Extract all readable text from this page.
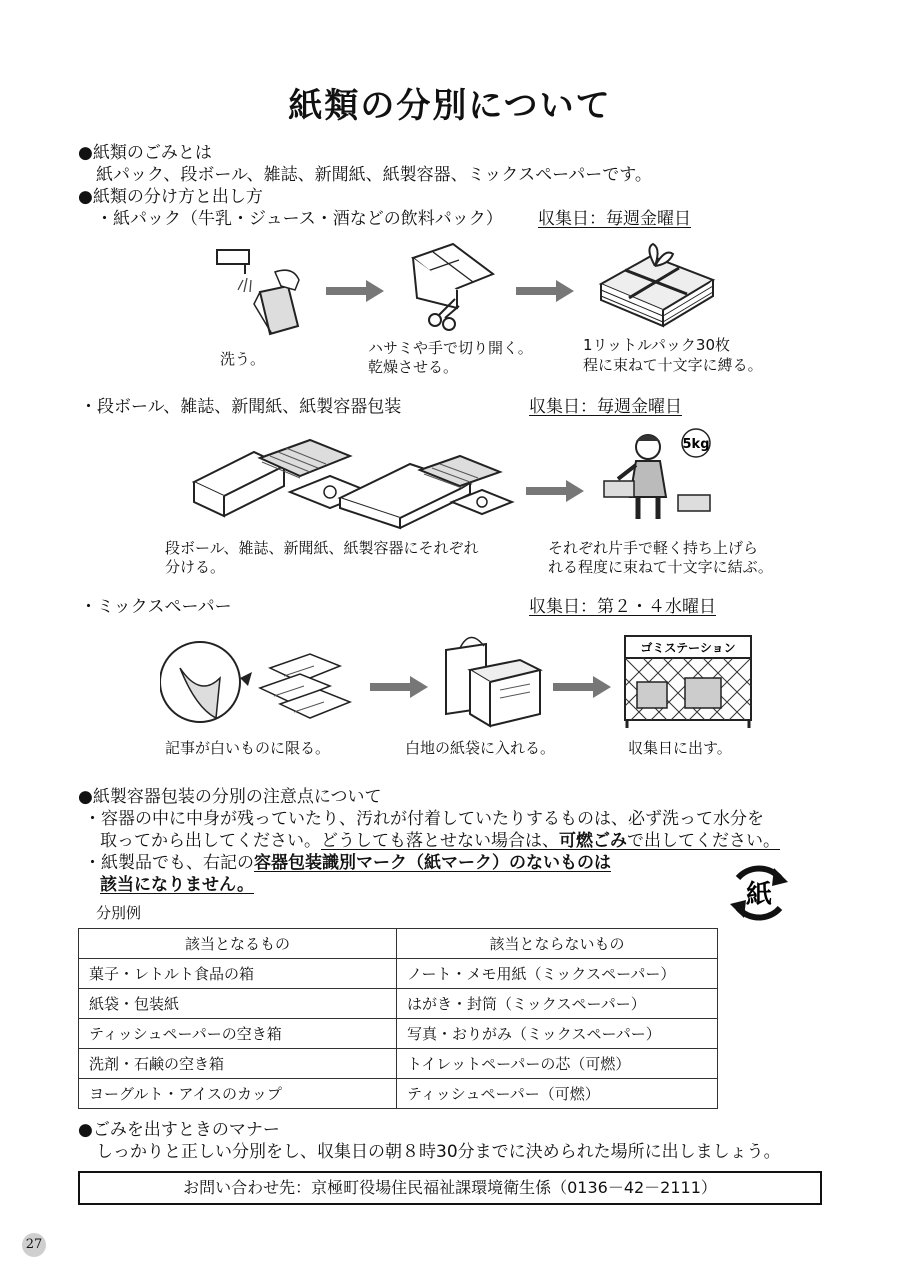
紙類の分別について
●紙類のごみとは
紙パック、段ボール、雑誌、新聞紙、紙製容器、ミックスペーパーです。
●紙類の分け方と出し方
・紙パック（牛乳・ジュース・酒などの飲料パック） 収集日：毎週金曜日
洗う。
ハサミや手で切り開く。
乾燥させる。
1リットルパック30枚
程に束ねて十文字に縛る。
・段ボール、雑誌、新聞紙、紙製容器包装	収集日：毎週金曜日
段ボール、雑誌、新聞紙、紙製容器にそれぞれ
分ける。
5kg
それぞれ片手で軽く持ち上げら
れる程度に束ねて十文字に結ぶ。
・ミックスペーパー	収集日：第２・４水曜日
記事が白いものに限る。	白地の紙袋に入れる。
ゴミステーション
収集日に出す。
●紙製容器包装の分別の注意点について
・容器の中に中身が残っていたり、汚れが付着していたりするものは、必ず洗って水分を
取ってから出してください。どうしても落とせない場合は、可燃ごみで出してください。
・紙製品でも、右記の容器包装識別マーク（紙マーク）のないものは
該当になりません。	紙
分別例
該当となるもの	該当とならないもの
菓子・レトルト食品の箱	ノート・メモ用紙（ミックスペーパー）
紙袋・包装紙	はがき・封筒（ミックスペーパー）
ティッシュペーパーの空き箱	写真・おりがみ（ミックスペーパー）
洗剤・石鹸の空き箱	トイレットペーパーの芯（可燃）
ヨーグルト・アイスのカップ	ティッシュペーパー（可燃）
●ごみを出すときのマナー
しっかりと正しい分別をし、収集日の朝８時30分までに決められた場所に出しましょう。
お問い合わせ先：京極町役場住民福祉課環境衛生係（0136－42－2111）
27
